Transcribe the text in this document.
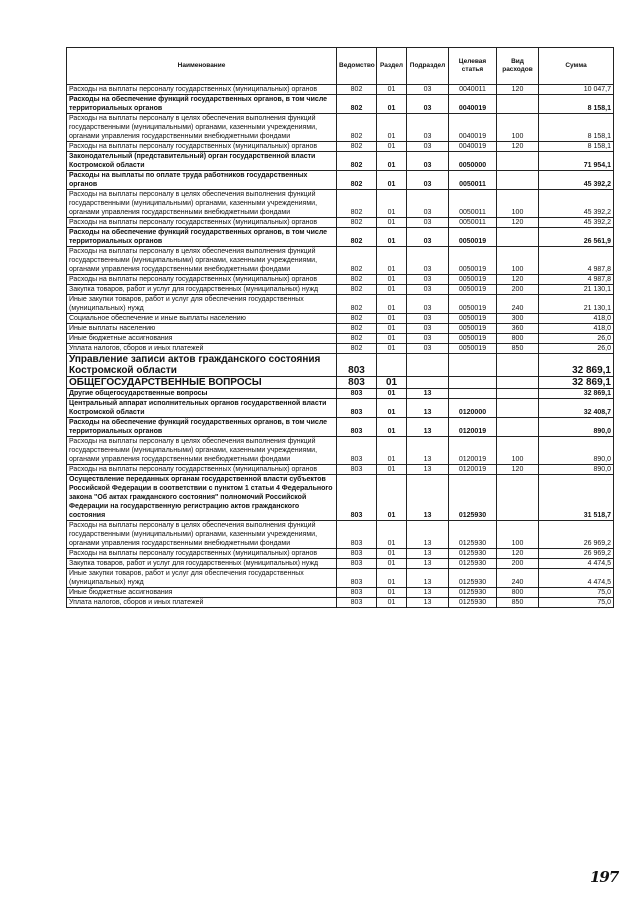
Наименование	Ведомство	Раздел	Подраздел	Целевая статья	Вид расходов	Сумма
Расходы на выплаты персоналу государственных (муниципальных) органов	802	01	03	0040011	120	10 047,7
Расходы на обеспечение функций государственных органов, в том числе территориальных органов	802	01	03	0040019		8 158,1
Расходы на выплаты персоналу в целях обеспечения выполнения функций государственными (муниципальными) органами, казенными учреждениями, органами управления государственными внебюджетными фондами	802	01	03	0040019	100	8 158,1
Расходы на выплаты персоналу государственных (муниципальных) органов	802	01	03	0040019	120	8 158,1
Законодательный (представительный) орган государственной власти Костромской области	802	01	03	0050000		71 954,1
Расходы на выплаты по оплате труда работников государственных органов	802	01	03	0050011		45 392,2
Расходы на выплаты персоналу в целях обеспечения выполнения функций государственными (муниципальными) органами, казенными учреждениями, органами управления государственными внебюджетными фондами	802	01	03	0050011	100	45 392,2
Расходы на выплаты персоналу государственных (муниципальных) органов	802	01	03	0050011	120	45 392,2
Расходы на обеспечение функций государственных органов, в том числе территориальных органов	802	01	03	0050019		26 561,9
Расходы на выплаты персоналу в целях обеспечения выполнения функций государственными (муниципальными) органами, казенными учреждениями, органами управления государственными внебюджетными фондами	802	01	03	0050019	100	4 987,8
Расходы на выплаты персоналу государственных (муниципальных) органов	802	01	03	0050019	120	4 987,8
Закупка товаров, работ и услуг для государственных (муниципальных) нужд	802	01	03	0050019	200	21 130,1
Иные закупки товаров, работ и услуг для обеспечения государственных (муниципальных) нужд	802	01	03	0050019	240	21 130,1
Социальное обеспечение и иные выплаты населению	802	01	03	0050019	300	418,0
Иные выплаты населению	802	01	03	0050019	360	418,0
Иные бюджетные ассигнования	802	01	03	0050019	800	26,0
Уплата налогов, сборов и иных платежей	802	01	03	0050019	850	26,0
Управление записи актов гражданского состояния Костромской области	803					32 869,1
ОБЩЕГОСУДАРСТВЕННЫЕ ВОПРОСЫ	803	01				32 869,1
Другие общегосударственные вопросы	803	01	13			32 869,1
Центральный аппарат исполнительных органов государственной власти Костромской области	803	01	13	0120000		32 408,7
Расходы на обеспечение функций государственных органов, в том числе территориальных органов	803	01	13	0120019		890,0
Расходы на выплаты персоналу в целях обеспечения выполнения функций государственными (муниципальными) органами, казенными учреждениями, органами управления государственными внебюджетными фондами	803	01	13	0120019	100	890,0
Расходы на выплаты персоналу государственных (муниципальных) органов	803	01	13	0120019	120	890,0
Осуществление переданных органам государственной власти субъектов Российской Федерации в соответствии с пунктом 1 статьи 4 Федерального закона "Об актах гражданского состояния" полномочий Российской Федерации на государственную регистрацию актов гражданского состояния	803	01	13	0125930		31 518,7
Расходы на выплаты персоналу в целях обеспечения выполнения функций государственными (муниципальными) органами, казенными учреждениями, органами управления государственными внебюджетными фондами	803	01	13	0125930	100	26 969,2
Расходы на выплаты персоналу государственных (муниципальных) органов	803	01	13	0125930	120	26 969,2
Закупка товаров, работ и услуг для государственных (муниципальных) нужд	803	01	13	0125930	200	4 474,5
Иные закупки товаров, работ и услуг для обеспечения государственных (муниципальных) нужд	803	01	13	0125930	240	4 474,5
Иные бюджетные ассигнования	803	01	13	0125930	800	75,0
Уплата налогов, сборов и иных платежей	803	01	13	0125930	850	75,0
197
